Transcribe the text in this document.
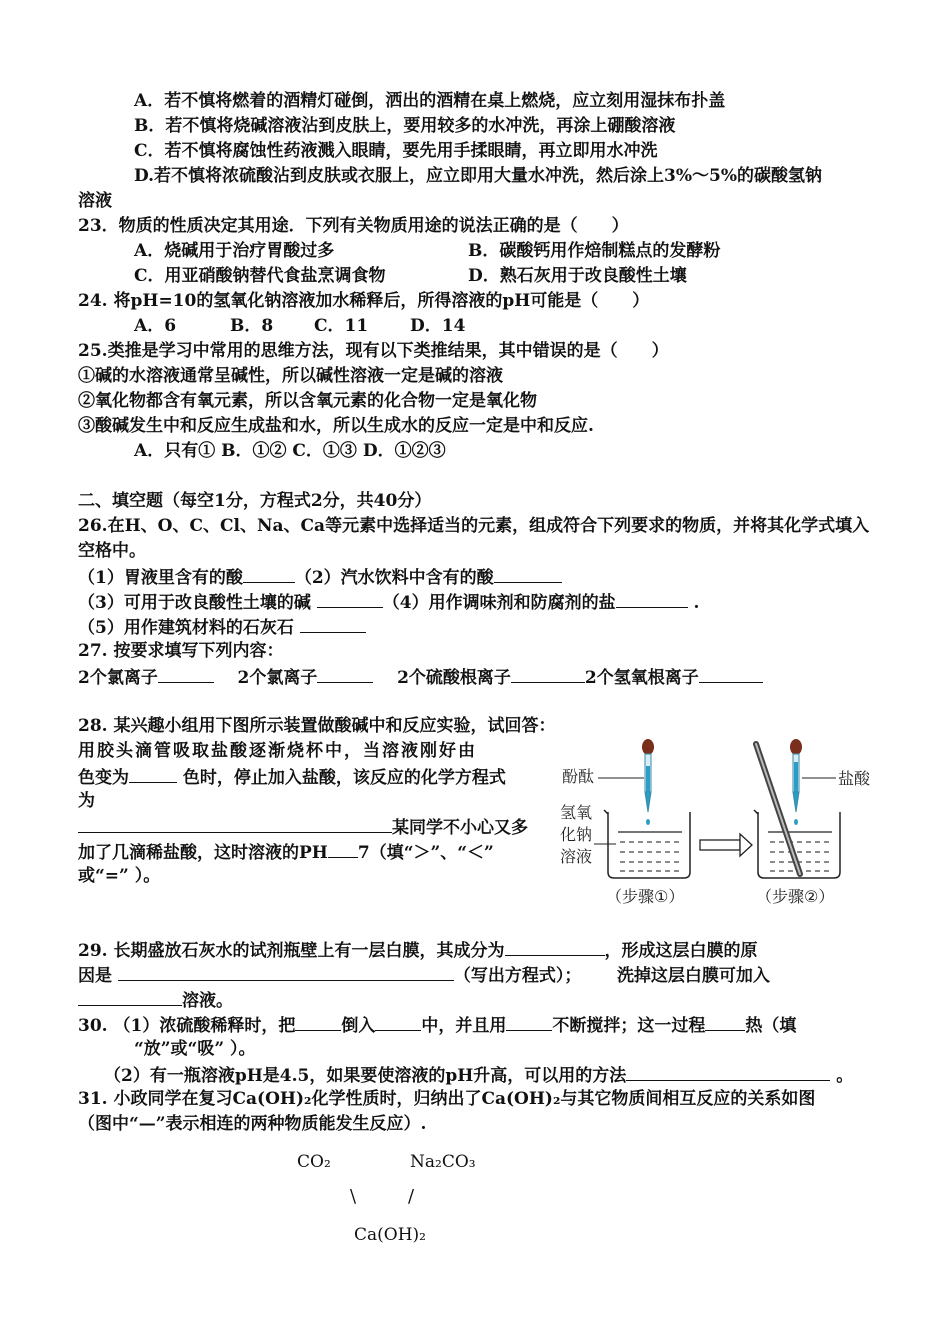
A．若不慎将燃着的酒精灯碰倒，洒出的酒精在桌上燃烧，应立刻用湿抹布扑盖
B．若不慎将烧碱溶液沾到皮肤上，要用较多的水冲洗，再涂上硼酸溶液
C．若不慎将腐蚀性药液溅入眼睛，要先用手揉眼睛，再立即用水冲洗
D.若不慎将浓硫酸沾到皮肤或衣服上，应立即用大量水冲洗，然后涂上3%～5%的碳酸氢钠
溶液
23．物质的性质决定其用途．下列有关物质用途的说法正确的是（　　）
A．烧碱用于治疗胃酸过多	B．碳酸钙用作焙制糕点的发酵粉
C．用亚硝酸钠替代食盐烹调食物	D．熟石灰用于改良酸性土壤
24. 将pH=10的氢氧化钠溶液加水稀释后，所得溶液的pH可能是（　　）
A．6	B．8 C．11 D．14
25.类推是学习中常用的思维方法，现有以下类推结果，其中错误的是（　　）
①碱的水溶液通常呈碱性，所以碱性溶液一定是碱的溶液
②氧化物都含有氧元素，所以含氧元素的化合物一定是氧化物
③酸碱发生中和反应生成盐和水，所以生成水的反应一定是中和反应.
A．只有① B．①② C．①③ D．①②③
二、填空题（每空1分，方程式2分，共40分）
26.在H、O、C、Cl、Na、Ca等元素中选择适当的元素，组成符合下列要求的物质，并将其化学式填入
空格中。
（1）胃液里含有的酸	（2）汽水饮料中含有的酸
（3）可用于改良酸性土壤的碱	（4）用作调味剂和防腐剂的盐	.
（5）用作建筑材料的石灰石
27. 按要求填写下列内容：
2个氯离子	2个氯离子	2个硫酸根离子	2个氢氧根离子
28. 某兴趣小组用下图所示装置做酸碱中和反应实验，试回答：
用胶头滴管吸取盐酸逐渐烧杯中，当溶液刚好由
色变为	色时，停止加入盐酸，该反应的化学方程式
为
某同学不小心又多
加了几滴稀盐酸，这时溶液的PH 7（填“＞”、“＜”
或“=” ）。
酚酞
氢氧
化钠
溶液
盐酸
（步骤①）	（步骤②）
29. 长期盛放石灰水的试剂瓶壁上有一层白膜，其成分为	，形成这层白膜的原
因是	（写出方程式）； 洗掉这层白膜可加入
溶液。
30. （1）浓硫酸稀释时，把	倒入	中，并且用	不断搅拌；这一过程 热（填
“放”或“吸” ）。
（2）有一瓶溶液pH是4.5，如果要使溶液的pH升高，可以用的方法	。
31. 小政同学在复习Ca(OH)₂化学性质时，归纳出了Ca(OH)₂与其它物质间相互反应的关系如图
（图中“—”表示相连的两种物质能发生反应）.
CO₂	Na₂CO₃
\	/
Ca(OH)₂
